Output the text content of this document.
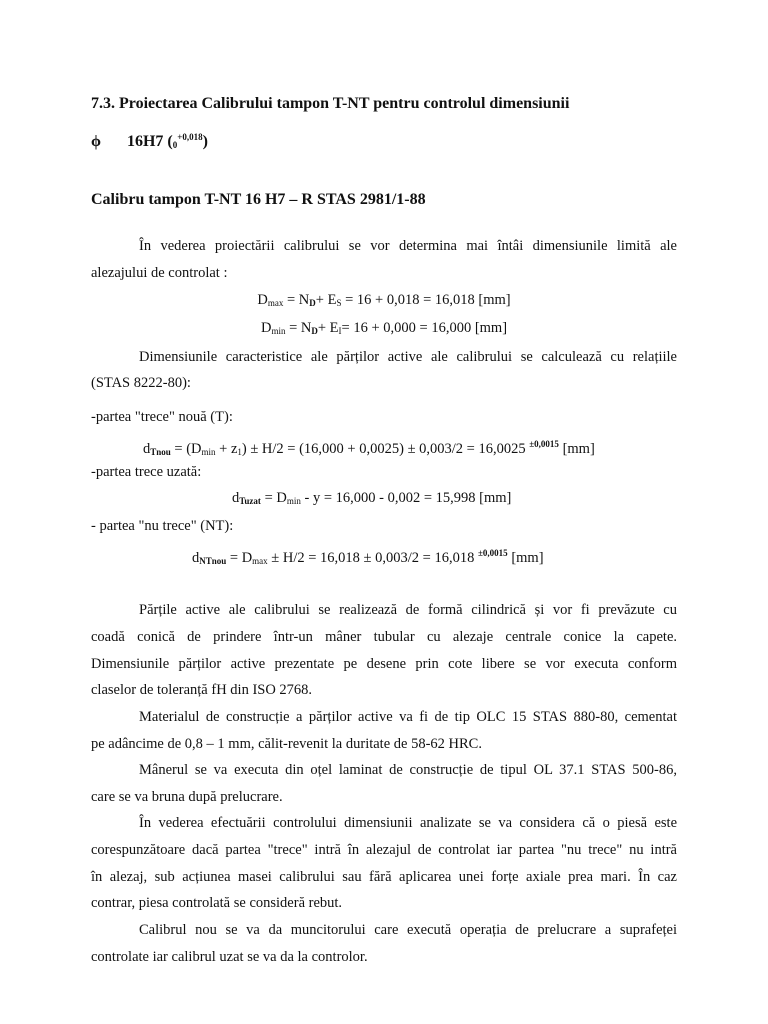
7.3. Proiectarea Calibrului tampon T-NT pentru controlul dimensiunii
ϕ 16H7 $(0^{+0,018})$
Calibru tampon T-NT 16 H7 – R STAS 2981/1-88
În vederea proiectării calibrului se vor determina mai întâi dimensiunile limită ale
alezajului de controlat :
$D_{max} = N_D+ E_S = 16 + 0,018 = 16,018$ [mm]
$D_{min} = N_D+ E_I= 16 + 0,000 = 16,000$ [mm]
Dimensiunile caracteristice ale părților active ale calibrului se calculează cu relațiile
(STAS 8222-80):
-partea "trece" nouă (T):
$d_{Tnou} = (D_{min} + z_1) \pm H/2 = (16,000 + 0,0025) \pm 0,003/2 = 16,0025$ $^{\pm 0,0015}$ [mm]
-partea trece uzată:
$d_{Tuzat} = D_{min} - y = 16,000 - 0,002 = 15,998$ [mm]
- partea "nu trece" (NT):
$d_{NTnou} = D_{max} \pm H/2 = 16,018 \pm 0,003/2 = 16,018$ $^{\pm 0,0015}$ [mm]
Părțile active ale calibrului se realizează de formă cilindrică și vor fi prevăzute cu
coadă conică de prindere într-un mâner tubular cu alezaje centrale conice la capete.
Dimensiunile părților active prezentate pe desene prin cote libere se vor executa conform
claselor de toleranță fH din ISO 2768.
Materialul de construcție a părților active va fi de tip OLC 15 STAS 880-80, cementat
pe adâncime de 0,8 – 1 mm, călit-revenit la duritate de 58-62 HRC.
Mânerul se va executa din oțel laminat de construcție de tipul OL 37.1 STAS 500-86,
care se va bruna după prelucrare.
În vederea efectuării controlului dimensiunii analizate se va considera că o piesă este
corespunzătoare dacă partea "trece" intră în alezajul de controlat iar partea "nu trece" nu intră
în alezaj, sub acțiunea masei calibrului sau fără aplicarea unei forțe axiale prea mari. În caz
contrar, piesa controlată se consideră rebut.
Calibrul nou se va da muncitorului care execută operația de prelucrare a suprafeței
controlate iar calibrul uzat se va da la controlor.
